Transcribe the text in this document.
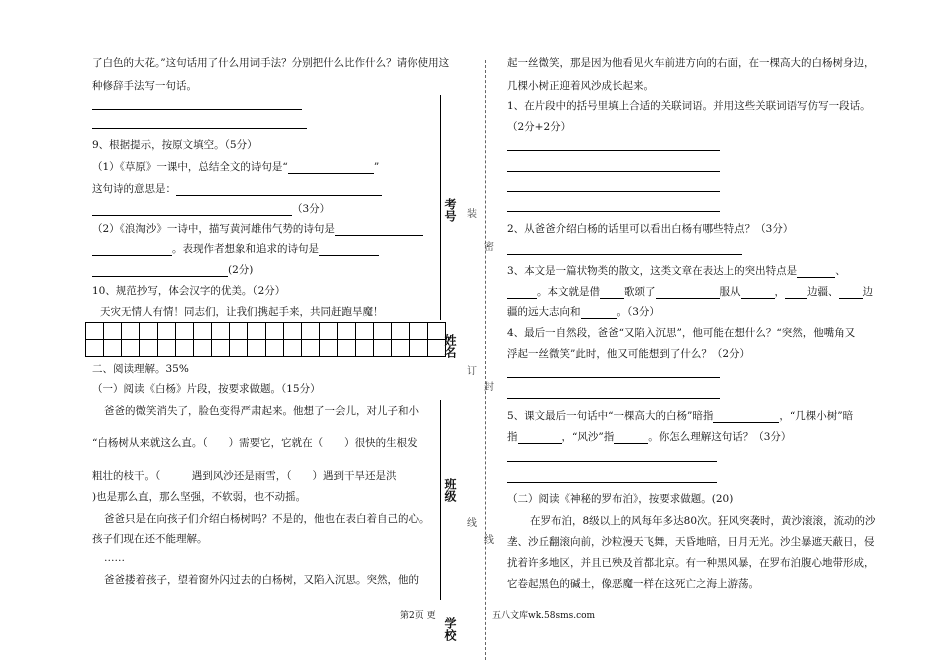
了白色的大花。”这句话用了什么用词手法？分别把什么比作什么？请你使用这
种修辞手法写一句话。
9、根据提示，按原文填空。（5分）
（1）《草原》一课中，总结全文的诗句是“	”
这句诗的意思是：
（3分）
（2）《浪淘沙》一诗中，描写黄河雄伟气势的诗句是
。表现作者想象和追求的诗句是
(2分)
10、规范抄写，体会汉字的优美。（2分）
天灾无情人有情！同志们，让我们携起手来，共同赶跑旱魔！

二、阅读理解。35%
（一）阅读《白杨》片段，按要求做题。（15分）
爸爸的微笑消失了，脸色变得严肃起来。他想了一会儿，对儿子和小
“白杨树从来就这么直。（　　）需要它，它就在（　　）很快的生根发
粗壮的枝干。（　　　遇到风沙还是雨雪，（　　）遇到干旱还是洪
)也是那么直，那么坚强，不软弱，也不动摇。
爸爸只是在向孩子们介绍白杨树吗？不是的，他也在表白着自己的心。
孩子们现在还不能理解。
……
爸爸搂着孩子，望着窗外闪过去的白杨树，又陷入沉思。突然，他的
考号
姓名
班级
学校
装
密
订
封
线
线
起一丝微笑，那是因为他看见火车前进方向的右面，在一棵高大的白杨树身边，
几棵小树正迎着风沙成长起来。
1、在片段中的括号里填上合适的关联词语。并用这些关联词语写仿写一段话。
（2分+2分）
2、从爸爸介绍白杨的话里可以看出白杨有哪些特点？（3分）
3、本文是一篇状物类的散文，这类文章在表达上的突出特点是	、
。本文就是借 歌颂了	服从	， 边疆、 边
疆的远大志向和	。（3分）
4、最后一自然段，爸爸“又陷入沉思”，他可能在想什么？“突然，他嘴角又
浮起一丝微笑”此时，他又可能想到了什么？（2分）
5、课文最后一句话中“一棵高大的白杨”暗指	，“几棵小树”暗
指	，“风沙”指	。你怎么理解这句话？（3分）
（二）阅读《神秘的罗布泊》，按要求做题。(20)
在罗布泊，8级以上的风每年多达80次。狂风突袭时，黄沙滚滚，流动的沙
垄、沙丘翻滚向前，沙粒漫天飞舞，天昏地暗，日月无光。沙尘暴遮天蔽日，侵
扰着许多地区，并且已殃及首都北京。有一种黑风暴，在罗布泊腹心地带形成，
它卷起黑色的碱土，像恶魔一样在这死亡之海上游荡。
第2页 更	五八文库wk.58sms.com
